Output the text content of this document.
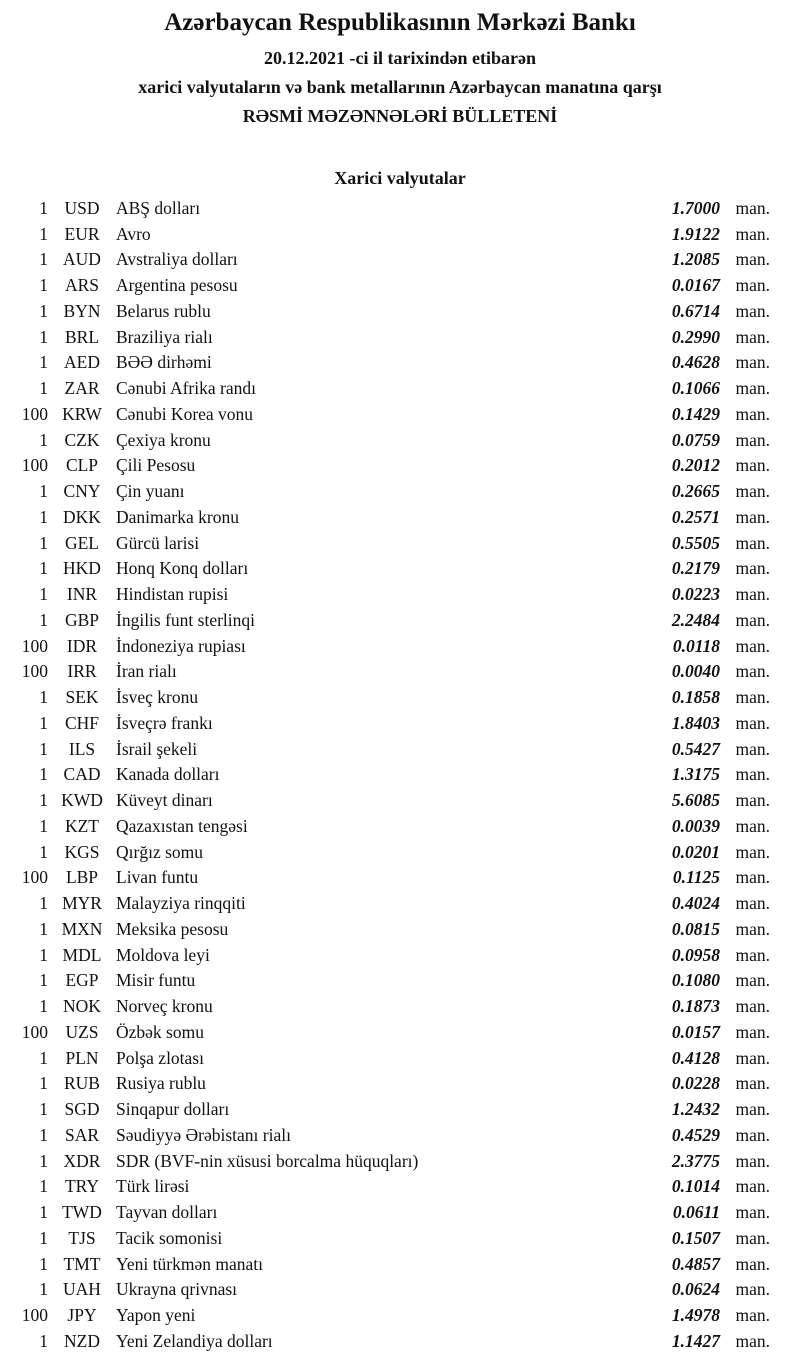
Azərbaycan Respublikasının Mərkəzi Bankı
20.12.2021 -ci il tarixindən etibarən
xarici valyutaların və bank metallarının Azərbaycan manatına qarşı
RƏSMİ MƏZƏNNƏLƏRİ BÜLLETENİ
Xarici valyutalar
1 USD ABŞ dolları	1.7000 man.
1 EUR Avro	1.9122 man.
1 AUD Avstraliya dolları	1.2085 man.
1 ARS Argentina pesosu	0.0167 man.
1 BYN Belarus rublu	0.6714 man.
1 BRL Braziliya rialı	0.2990 man.
1 AED BƏƏ dirhəmi	0.4628 man.
1 ZAR Cənubi Afrika randı	0.1066 man.
100 KRW Cənubi Korea vonu	0.1429 man.
1 CZK Çexiya kronu	0.0759 man.
100	CLP	Çili Pesosu	0.2012 man.
1 CNY Çin yuanı	0.2665 man.
1 DKK Danimarka kronu	0.2571 man.
1 GEL Gürcü larisi	0.5505 man.
1 HKD Honq Konq dolları	0.2179 man.
1	INR	Hindistan rupisi	0.0223 man.
1 GBP İngilis funt sterlinqi	2.2484 man.
100	IDR	İndoneziya rupiası	0.0118 man.
100	IRR	İran rialı	0.0040 man.
1 SEK İsveç kronu	0.1858 man.
1 CHF İsveçrə frankı	1.8403 man.
1	ILS	İsrail şekeli	0.5427 man.
1 CAD Kanada dolları	1.3175 man.
1 KWD Küveyt dinarı	5.6085 man.
1 KZT Qazaxıstan tengəsi	0.0039 man.
1 KGS Qırğız somu	0.0201 man.
100	LBP	Livan funtu	0.1125 man.
1 MYR Malayziya rinqqiti	0.4024 man.
1 MXN Meksika pesosu	0.0815 man.
1 MDL Moldova leyi	0.0958 man.
1 EGP Misir funtu	0.1080 man.
1 NOK Norveç kronu	0.1873 man.
100 UZS Özbək somu	0.0157 man.
1 PLN Polşa zlotası	0.4128 man.
1 RUB Rusiya rublu	0.0228 man.
1 SGD Sinqapur dolları	1.2432 man.
1 SAR Səudiyyə Ərəbistanı rialı	0.4529 man.
1 XDR SDR (BVF-nin xüsusi borcalma hüquqları)	2.3775 man.
1 TRY Türk lirəsi	0.1014 man.
1 TWD Tayvan dolları	0.0611 man.
1	TJS	Tacik somonisi	0.1507 man.
1 TMT Yeni türkmən manatı	0.4857 man.
1 UAH Ukrayna qrivnası	0.0624 man.
100	JPY	Yapon yeni	1.4978 man.
1 NZD Yeni Zelandiya dolları	1.1427 man.
